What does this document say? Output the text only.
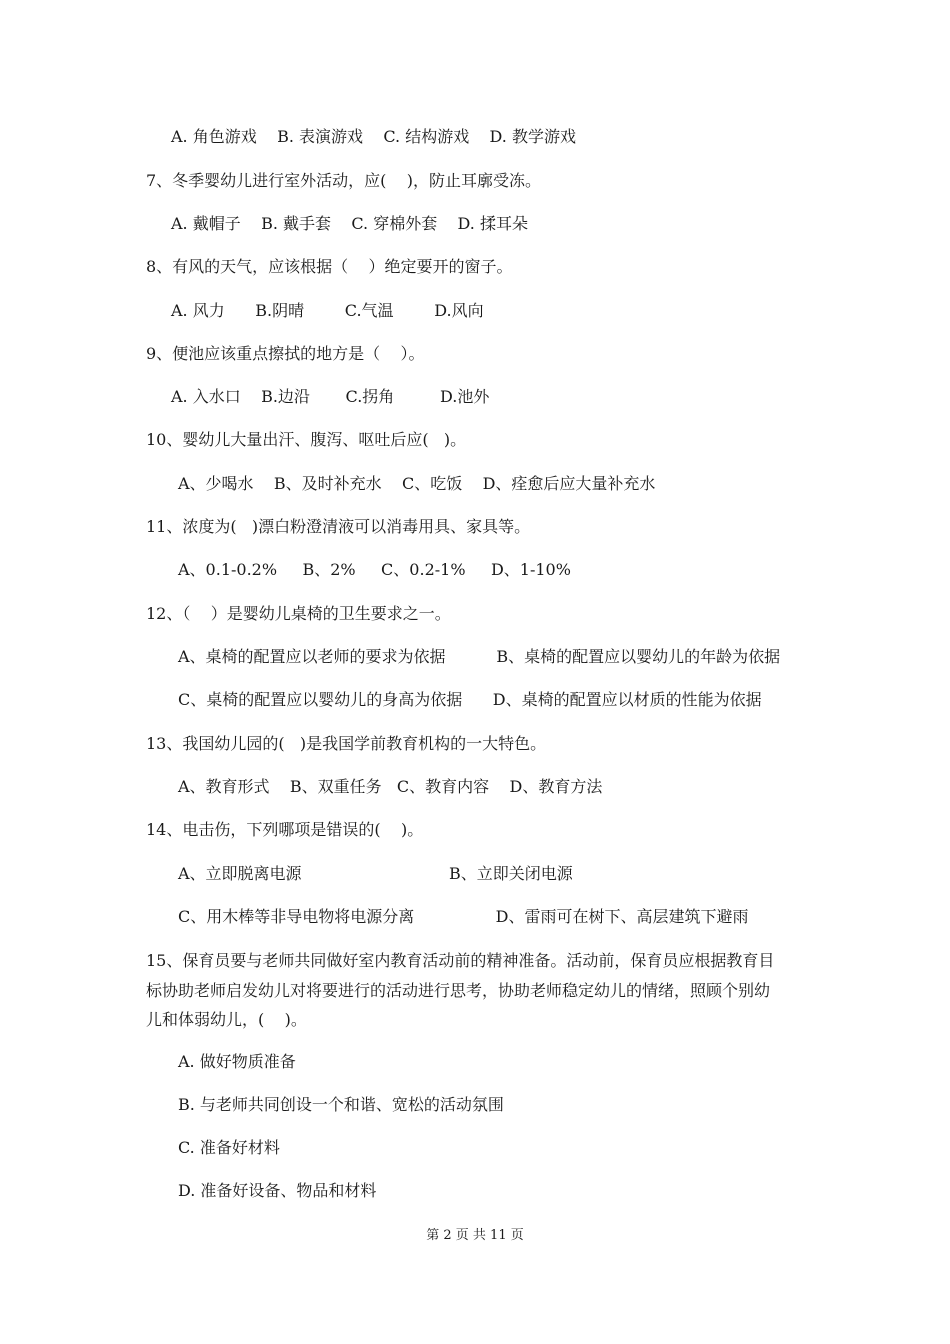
A. 角色游戏    B. 表演游戏    C. 结构游戏    D. 教学游戏
7、冬季婴幼儿进行室外活动，应(    )，防止耳廓受冻。
A. 戴帽子    B. 戴手套    C. 穿棉外套    D. 揉耳朵
8、有风的天气，应该根据（    ）绝定要开的窗子。
A. 风力      B.阴晴        C.气温        D.风向
9、便池应该重点擦拭的地方是（    ）。
A. 入水口    B.边沿       C.拐角         D.池外
10、婴幼儿大量出汗、腹泻、呕吐后应(   )。
A、少喝水    B、及时补充水    C、吃饭    D、痊愈后应大量补充水
11、浓度为(   )漂白粉澄清液可以消毒用具、家具等。
A、0.1-0.2%     B、2%     C、0.2-1%     D、1-10%
12、（    ）是婴幼儿桌椅的卫生要求之一。
A、桌椅的配置应以老师的要求为依据          B、桌椅的配置应以婴幼儿的年龄为依据
C、桌椅的配置应以婴幼儿的身高为依据      D、桌椅的配置应以材质的性能为依据
13、我国幼儿园的(   )是我国学前教育机构的一大特色。
A、教育形式    B、双重任务   C、教育内容    D、教育方法
14、电击伤，下列哪项是错误的(    )。
A、立即脱离电源                             B、立即关闭电源
C、用木棒等非导电物将电源分离                D、雷雨可在树下、高层建筑下避雨
15、保育员要与老师共同做好室内教育活动前的精神准备。活动前，保育员应根据教育目
标协助老师启发幼儿对将要进行的活动进行思考，协助老师稳定幼儿的情绪，照顾个别幼
儿和体弱幼儿，(    )。
A. 做好物质准备
B. 与老师共同创设一个和谐、宽松的活动氛围
C. 准备好材料
D. 准备好设备、物品和材料
第 2 页 共 11 页
